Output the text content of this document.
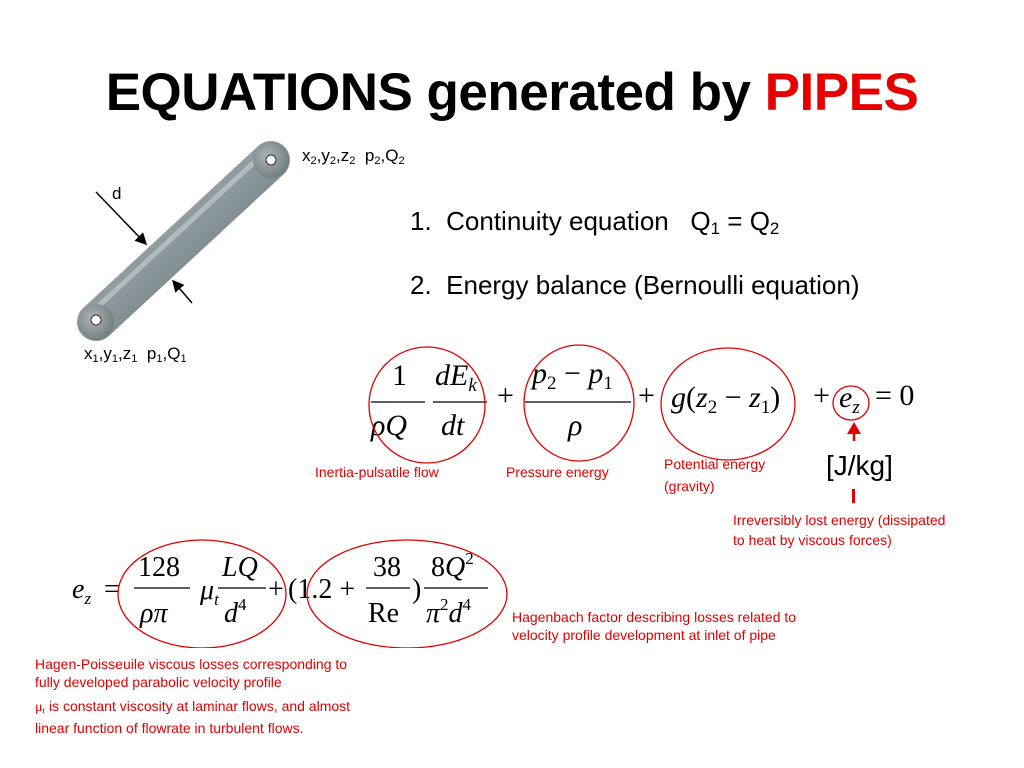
EQUATIONS generated by PIPES
d
$x_2,y_2,z_2$  $p_2,Q_2$
$x_1,y_1,z_1$  $p_1,Q_1$
1. Continuity equation $Q_1 = Q_2$
2. Energy balance (Bernoulli equation)
1
ρQ
$dE_k$
dt
+
$p_2 - p_1$
ρ
+ $g(z_2 - z_1) + e_z = 0$
[J/kg]
Inertia-pulsatile flow	Pressure energy	Potential energy
(gravity)
Irreversibly lost energy (dissipated
to heat by viscous forces)
$e_z$ =
128
ρπ
$\mu_t$
LQ
$d^4 + (1.2$ +
38
Re
)
$8Q^2$
$\pi^2d^4$
Hagenbach factor describing losses related to
velocity profile development at inlet of pipe
Hagen-Poisseuile viscous losses corresponding to
fully developed parabolic velocity profile
$\mu_t$ is constant viscosity at laminar flows, and almost
linear function of flowrate in turbulent flows.
